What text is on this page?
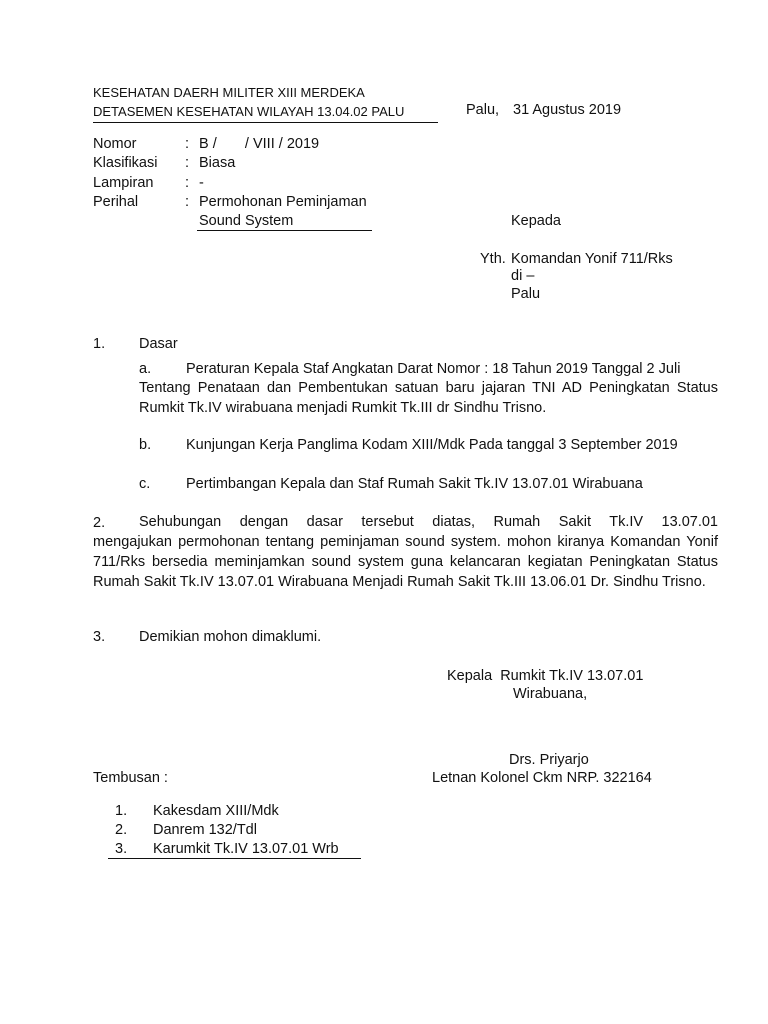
KESEHATAN DAERH MILITER XIII MERDEKA
DETASEMEN KESEHATAN WILAYAH 13.04.02 PALU	Palu, 31 Agustus 2019
Nomor	: B /       / VIII / 2019
Klasifikasi : Biasa
Lampiran : -
Perihal	: Permohonan Peminjaman
Sound System	Kepada
Yth. Komandan Yonif 711/Rks
di –
Palu
1. Dasar
a. Peraturan Kepala Staf Angkatan Darat Nomor : 18 Tahun 2019 Tanggal 2 Juli
Tentang Penataan dan Pembentukan satuan baru jajaran TNI AD Peningkatan Status Rumkit Tk.IV wirabuana menjadi Rumkit Tk.III dr Sindhu Trisno.
b. Kunjungan Kerja Panglima Kodam XIII/Mdk Pada tanggal 3 September 2019
c. Pertimbangan Kepala dan Staf Rumah Sakit Tk.IV 13.07.01 Wirabuana
2. Sehubungan dengan dasar tersebut diatas, Rumah Sakit Tk.IV 13.07.01
mengajukan permohonan tentang peminjaman sound system. mohon kiranya Komandan Yonif 711/Rks bersedia meminjamkan sound system guna kelancaran kegiatan Peningkatan Status Rumah Sakit Tk.IV 13.07.01 Wirabuana Menjadi Rumah Sakit Tk.III 13.06.01 Dr. Sindhu Trisno.
3. Demikian mohon dimaklumi.
Kepala  Rumkit Tk.IV 13.07.01
Wirabuana,
Drs. Priyarjo
Letnan Kolonel Ckm NRP. 322164
Tembusan :
1. Kakesdam XIII/Mdk
2. Danrem 132/Tdl
3. Karumkit Tk.IV 13.07.01 Wrb
